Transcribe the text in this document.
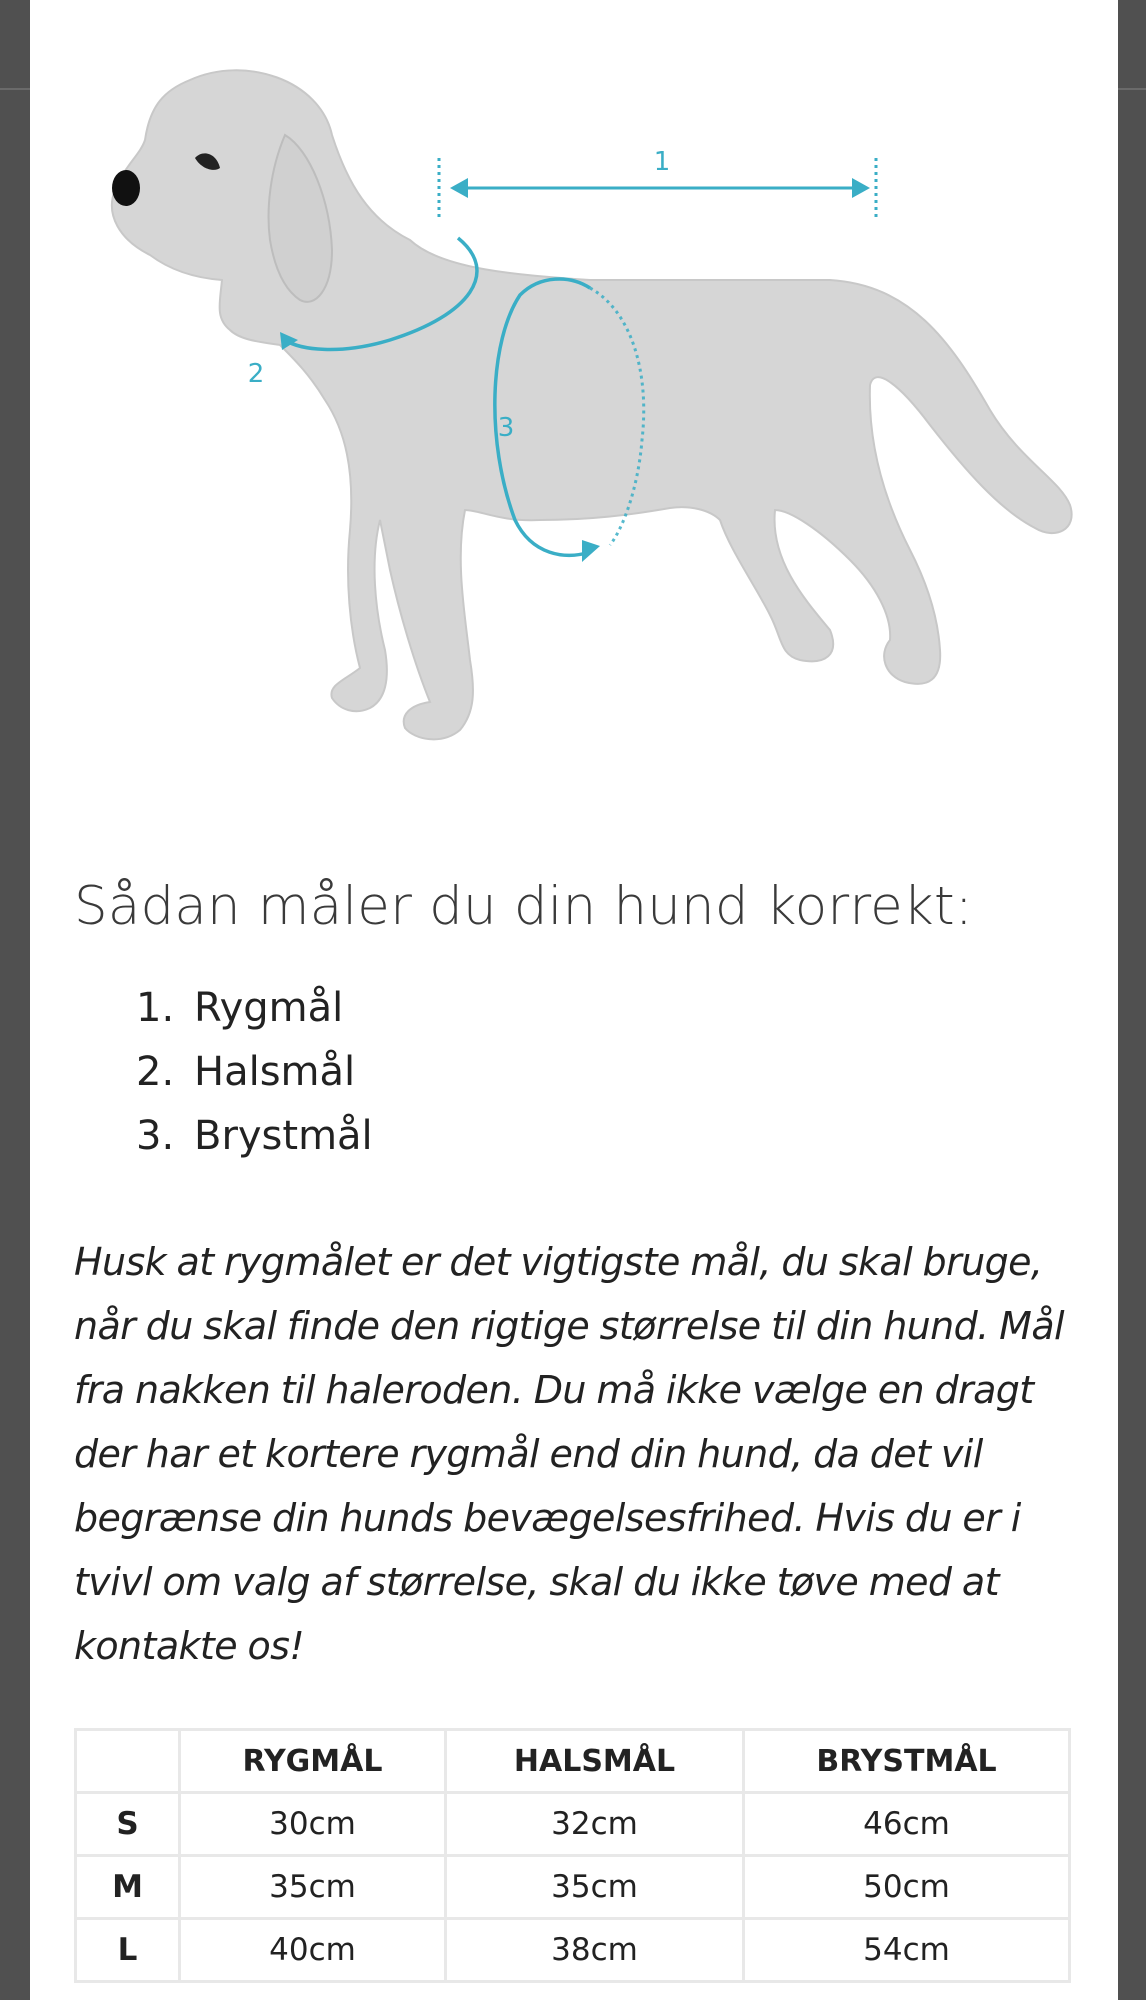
1
2
3
Sådan måler du din hund korrekt:
1. Rygmål
2. Halsmål
3. Brystmål

Husk at rygmålet er det vigtigste mål, du skal bruge, når du skal finde den rigtige størrelse til din hund. Mål fra nakken til haleroden. Du må ikke vælge en dragt der har et kortere rygmål end din hund, da det vil begrænse din hunds bevægelsesfrihed. Hvis du er i tvivl om valg af størrelse, skal du ikke tøve med at kontakte os!

	RYGMÅL	HALSMÅL	BRYSTMÅL
S	30cm	32cm	46cm
M	35cm	35cm	50cm
L	40cm	38cm	54cm
